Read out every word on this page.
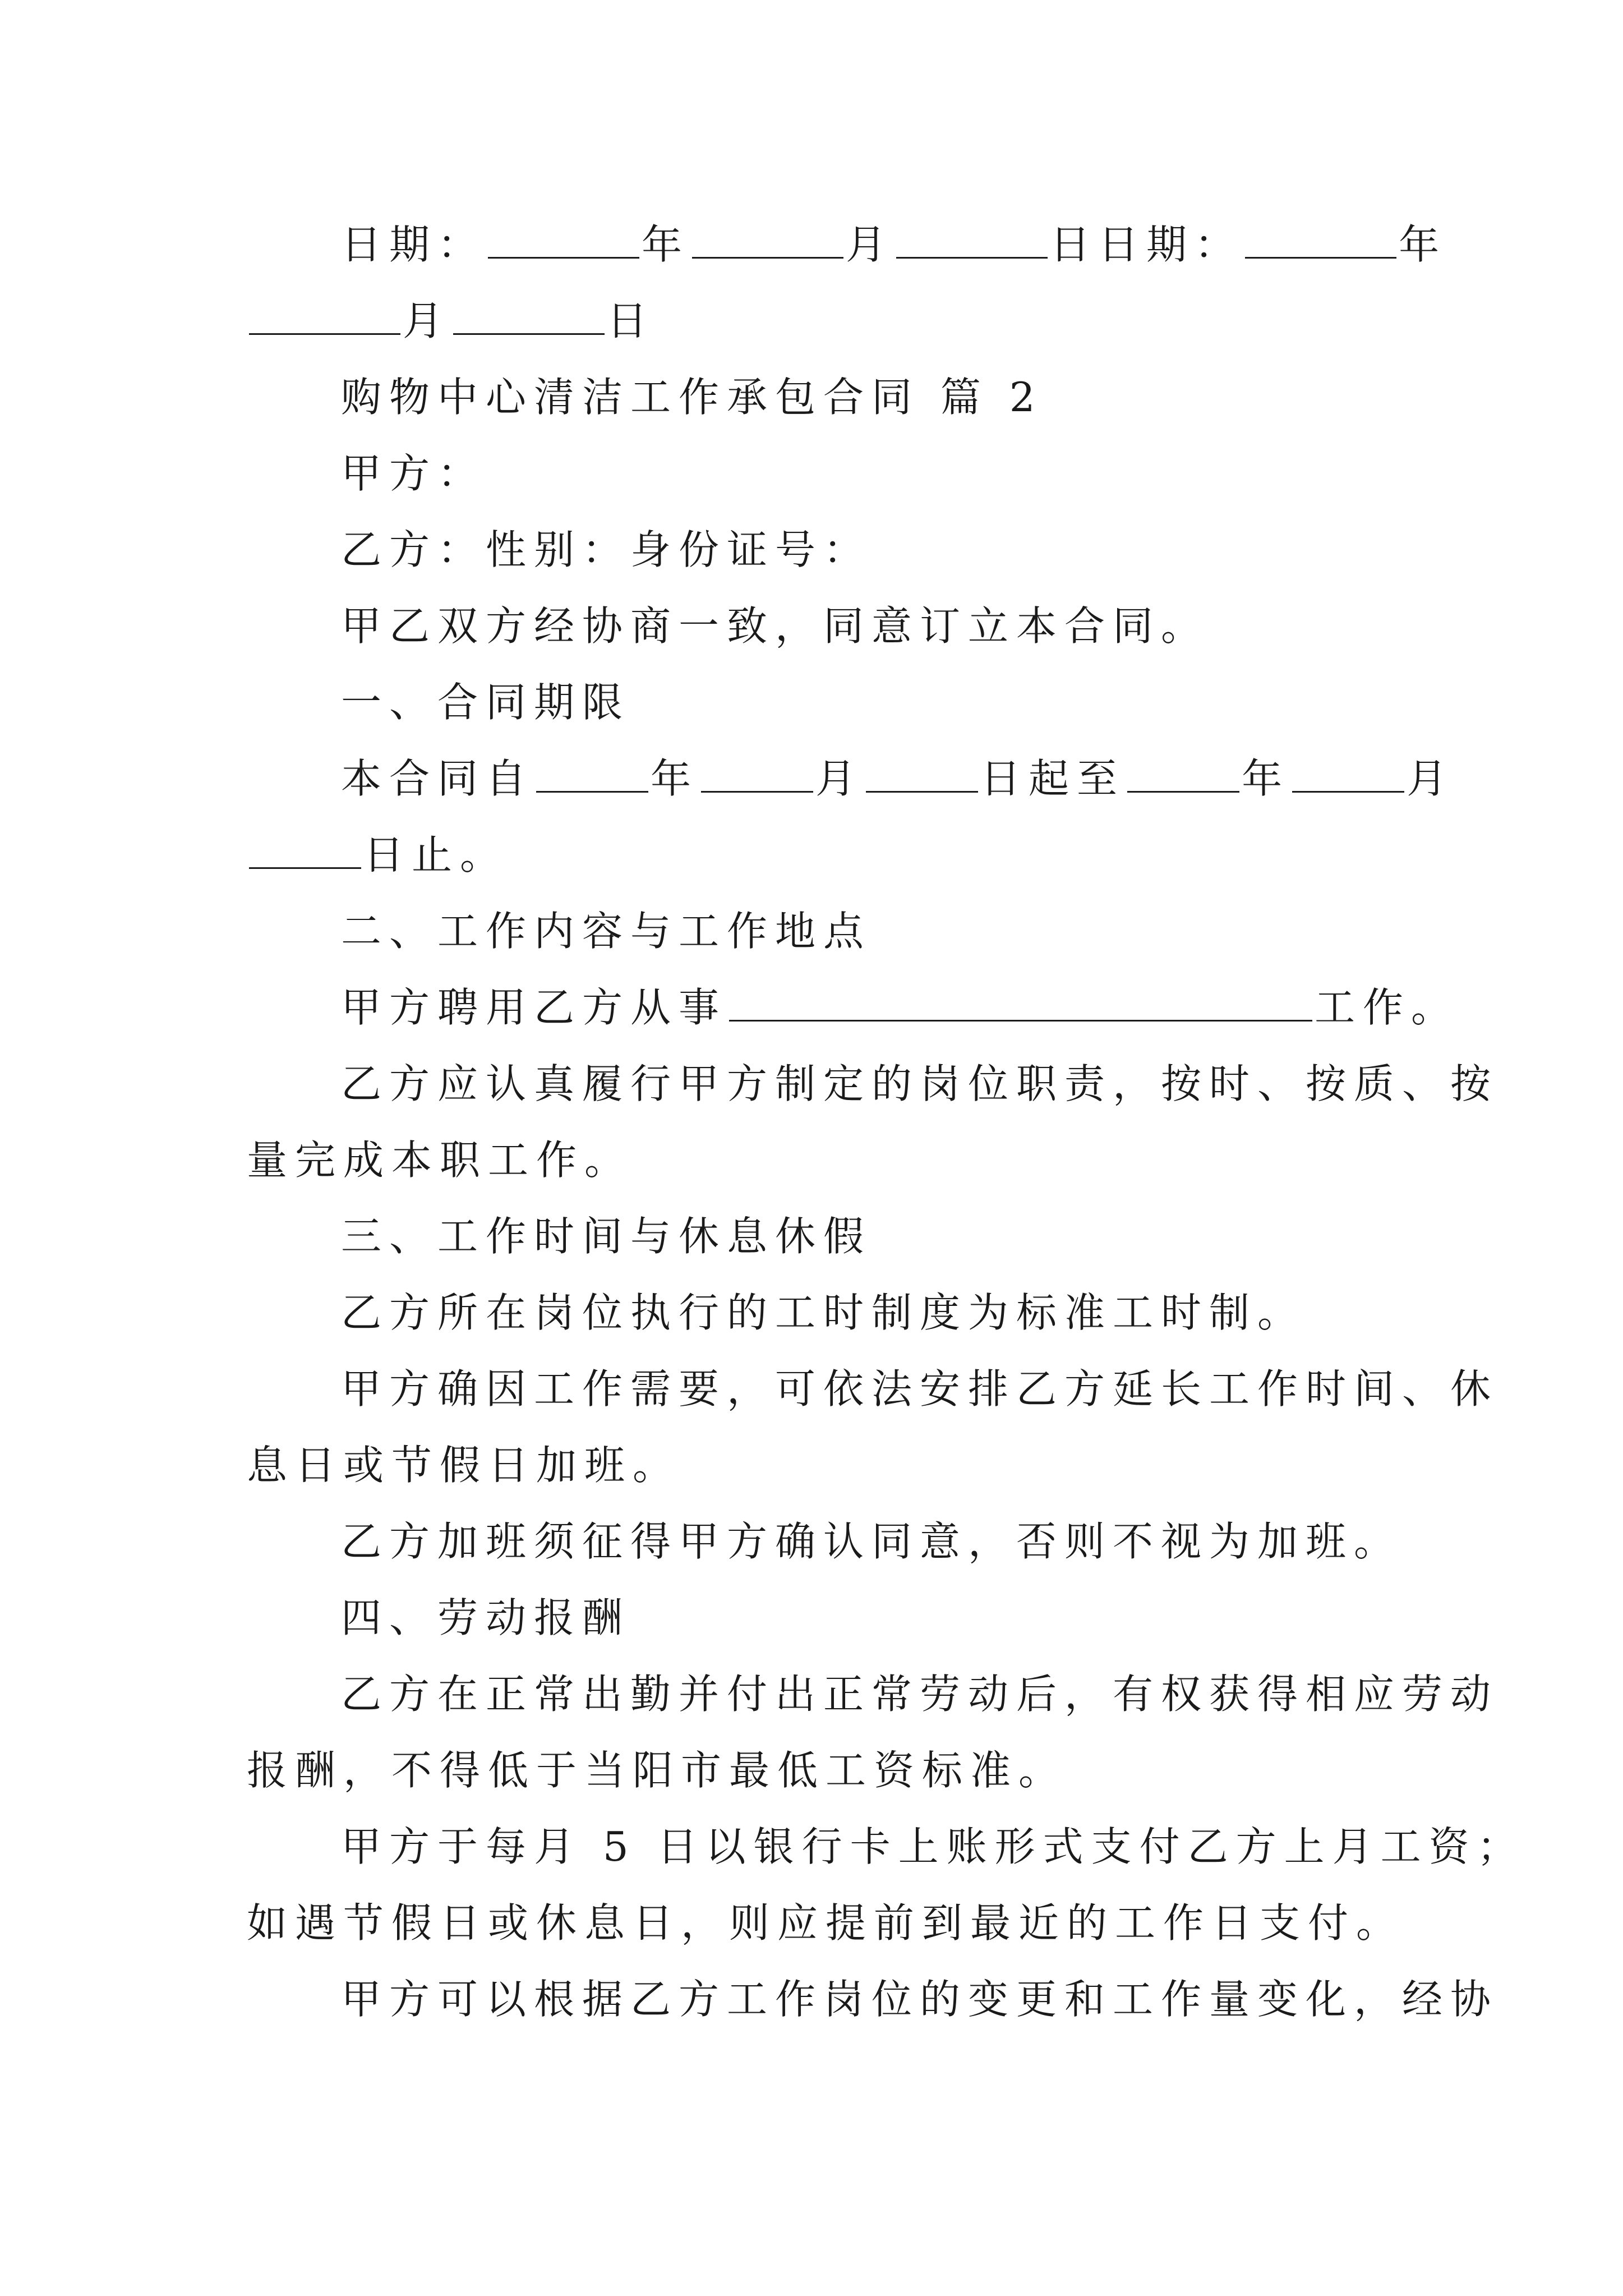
日期：	年	月	日日期：	年
月	日
购物中心清洁工作承包合同 篇 2
甲方：
乙方：性别：身份证号：
甲乙双方经协商一致，同意订立本合同。
一、合同期限
本合同自	年	月	日起至	年	月
日止。
二、工作内容与工作地点
甲方聘用乙方从事	工作。
乙方应认真履行甲方制定的岗位职责，按时、按质、按
量完成本职工作。
三、工作时间与休息休假
乙方所在岗位执行的工时制度为标准工时制。
甲方确因工作需要，可依法安排乙方延长工作时间、休
息日或节假日加班。
乙方加班须征得甲方确认同意，否则不视为加班。
四、劳动报酬
乙方在正常出勤并付出正常劳动后，有权获得相应劳动
报酬，不得低于当阳市最低工资标准。
甲方于每月 5 日以银行卡上账形式支付乙方上月工资；
如遇节假日或休息日，则应提前到最近的工作日支付。
甲方可以根据乙方工作岗位的变更和工作量变化，经协
